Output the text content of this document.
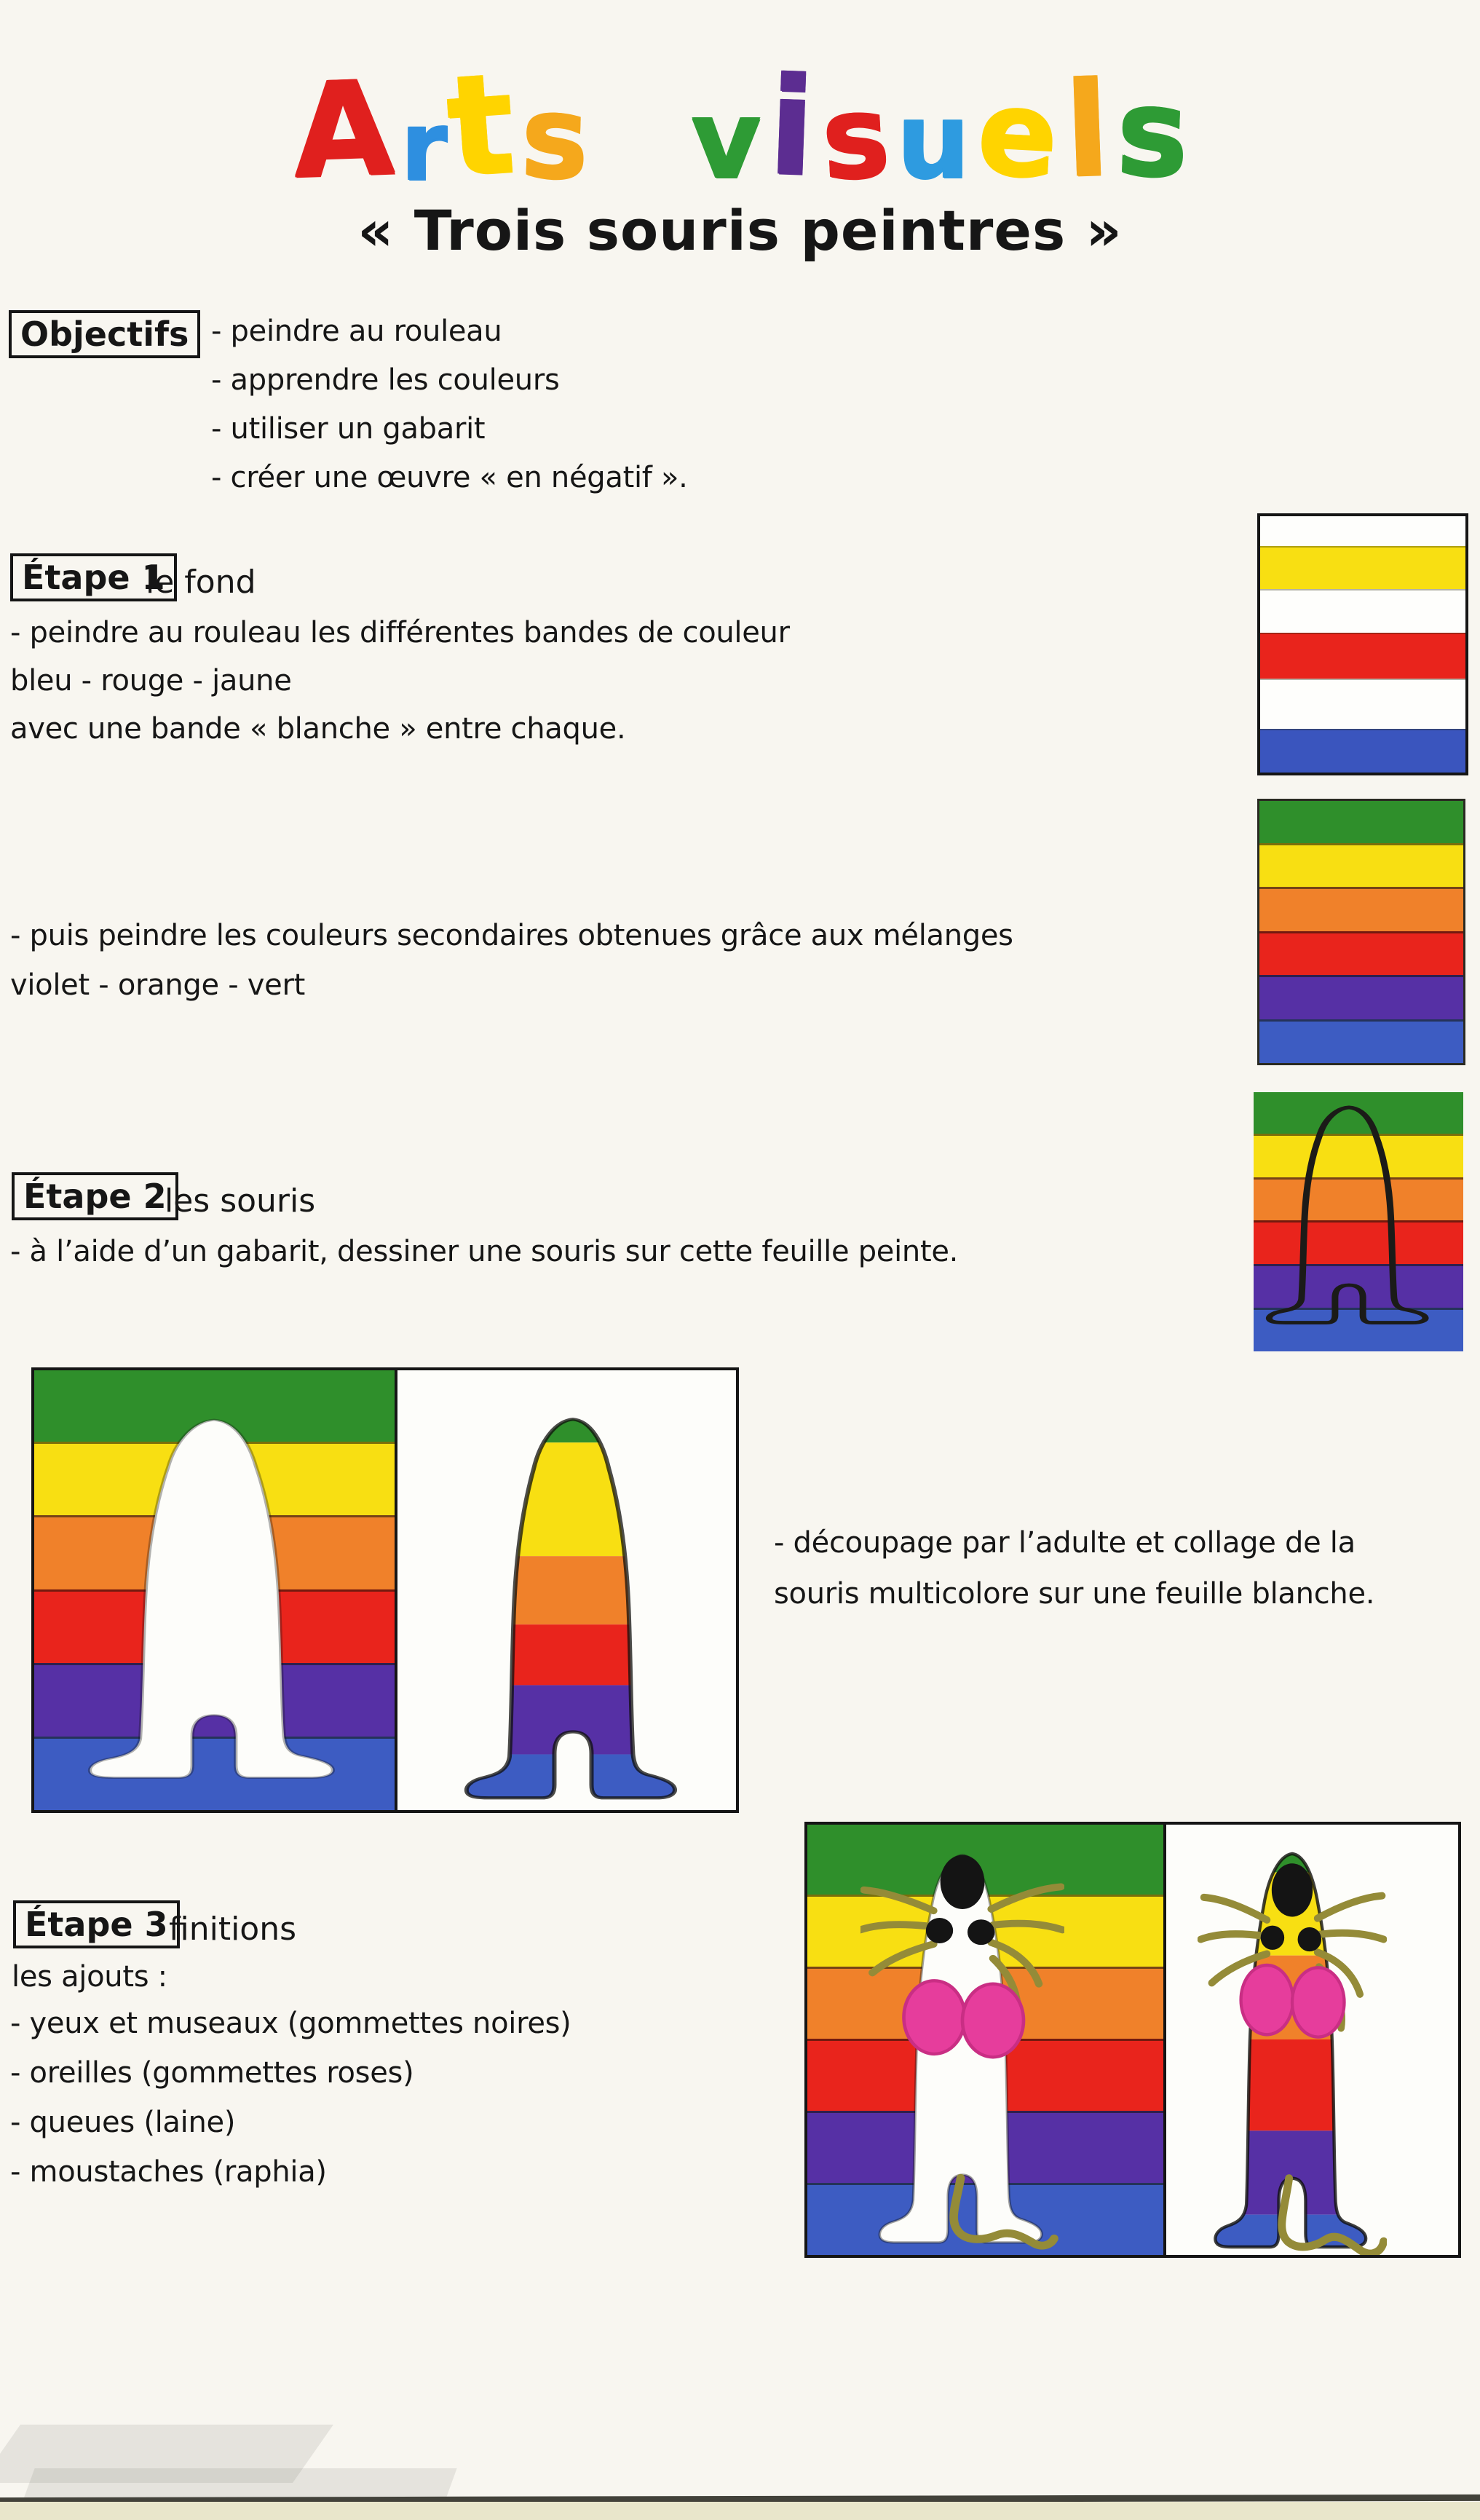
A r
t s
v i s u e l s
« Trois souris peintres »
Objectifs - peindre au rouleau
- apprendre les couleurs
- utiliser un gabarit
- créer une œuvre « en négatif ».
Étape 1
le fond
- peindre au rouleau les différentes bandes de couleur
bleu - rouge - jaune
avec une bande « blanche » entre chaque.
- puis peindre les couleurs secondaires obtenues grâce aux mélanges
violet - orange - vert
Étape 2
les souris
- à l’aide d’un gabarit, dessiner une souris sur cette feuille peinte.
- découpage par l’adulte et collage de la
souris multicolore sur une feuille blanche.
Étape 3 finitions
les ajouts :
- yeux et museaux (gommettes noires)
- oreilles (gommettes roses)
- queues (laine)
- moustaches (raphia)
